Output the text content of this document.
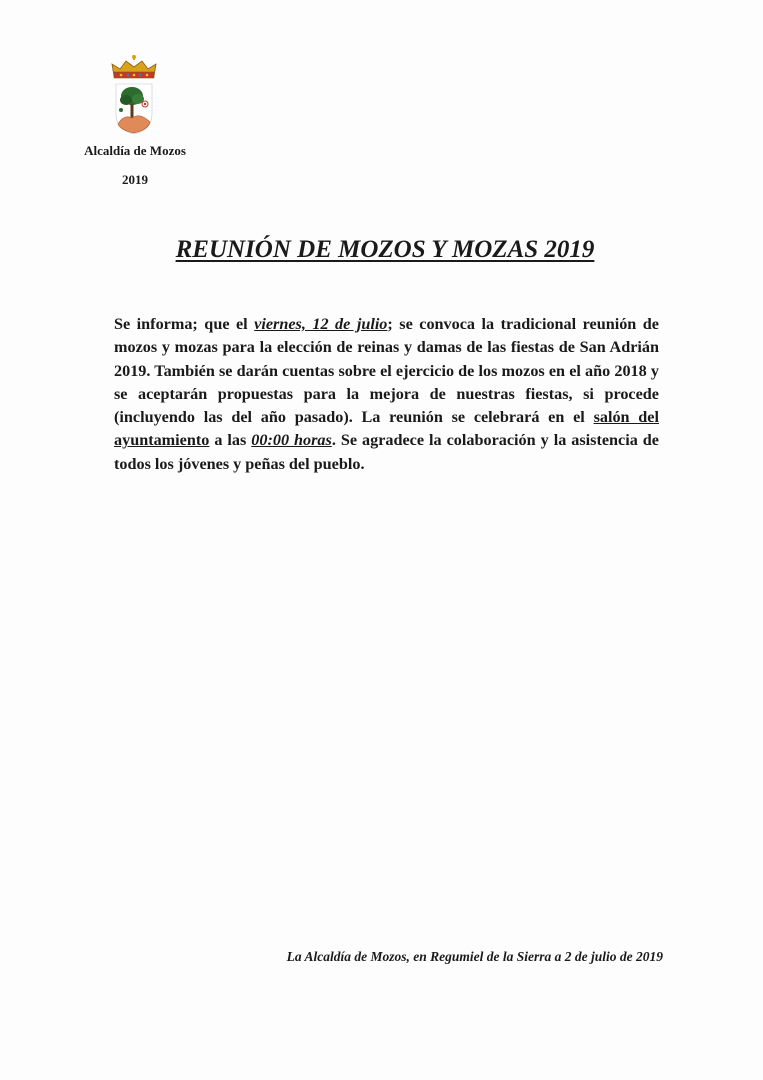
Alcaldía de Mozos
2019
REUNIÓN DE MOZOS Y MOZAS 2019
Se informa; que el viernes, 12 de julio; se convoca la tradicional reunión de mozos y mozas para la elección de reinas y damas de las fiestas de San Adrián 2019. También se darán cuentas sobre el ejercicio de los mozos en el año 2018 y se aceptarán propuestas para la mejora de nuestras fiestas, si procede (incluyendo las del año pasado). La reunión se celebrará en el salón del ayuntamiento a las 00:00 horas. Se agradece la colaboración y la asistencia de todos los jóvenes y peñas del pueblo.
La Alcaldía de Mozos, en Regumiel de la Sierra a 2 de julio de 2019
